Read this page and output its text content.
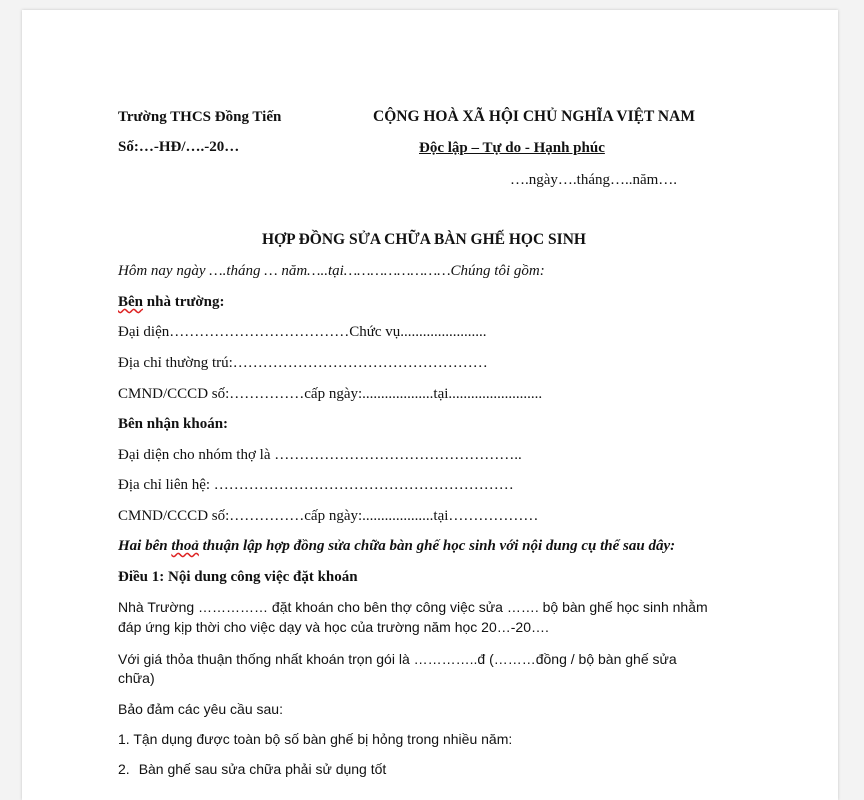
Trường THCS Đồng Tiến
Số:…-HĐ/….-20…
CỘNG HOÀ XÃ HỘI CHỦ NGHĨA VIỆT NAM
Độc lập – Tự do - Hạnh phúc
….ngày….tháng…..năm….
HỢP ĐỒNG SỬA CHỮA BÀN GHẾ HỌC SINH
Hôm nay ngày ….tháng … năm…..tại……………………Chúng tôi gồm:
Bên nhà trường:
Đại diện………………………………Chức vụ.......................
Địa chỉ thường trú:……………………………………………
CMND/CCCD số:……………cấp ngày:...................tại.........................
Bên nhận khoán:
Đại diện cho nhóm thợ là …………………………………………..
Địa chỉ liên hệ: ……………………………………………………
CMND/CCCD số:……………cấp ngày:...................tại………………
Hai bên thoả thuận lập hợp đồng sửa chữa bàn ghế học sinh với nội dung cụ thể sau dây:
Điều 1: Nội dung công việc đặt khoán
Nhà Trường …………… đặt khoán cho bên thợ công việc sửa ……. bộ bàn ghế học sinh nhằm
đáp ứng kịp thời cho việc dạy và học của trường năm học 20…-20….
Với giá thỏa thuận thống nhất khoán trọn gói là …………..đ (………đồng / bộ bàn ghế sửa
chữa)
Bảo đảm các yêu cầu sau:
1. Tận dụng được toàn bộ số bàn ghế bị hỏng trong nhiều năm:
2. Bàn ghế sau sửa chữa phải sử dụng tốt
